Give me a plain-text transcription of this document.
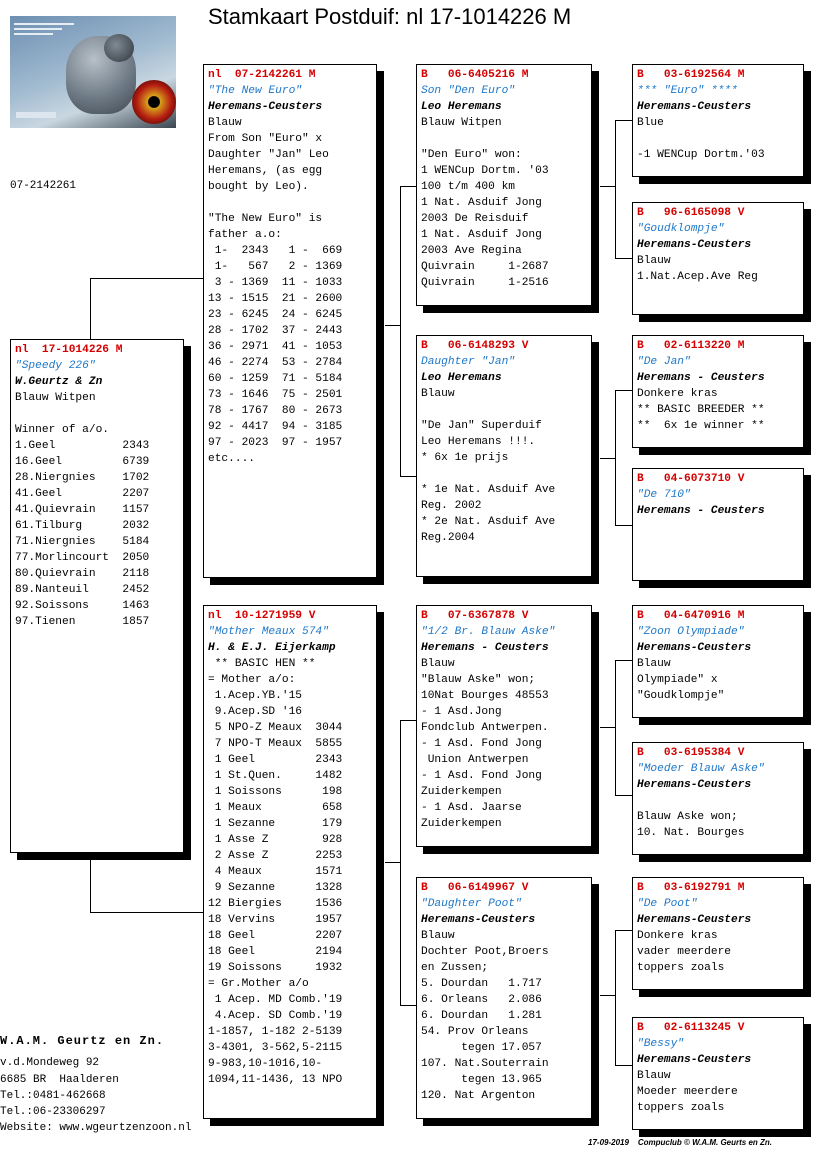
Stamkaart Postduif: nl 17-1014226 M
07-2142261
nl  17-1014226 M
"Speedy 226"
W.Geurtz & Zn
Blauw Witpen
Winner of a/o.
1.Geel          2343
16.Geel         6739
28.Niergnies    1702
41.Geel         2207
41.Quievrain    1157
61.Tilburg      2032
71.Niergnies    5184
77.Morlincourt  2050
80.Quievrain    2118
89.Nanteuil     2452
92.Soissons     1463
97.Tienen       1857
nl  07-2142261 M
"The New Euro"
Heremans-Ceusters
Blauw
From Son "Euro" x
Daughter "Jan" Leo
Heremans, (as egg
bought by Leo).
"The New Euro" is
father a.o:
1-  2343   1 -  669
1-   567   2 - 1369
3 - 1369  11 - 1033
13 - 1515  21 - 2600
23 - 6245  24 - 6245
28 - 1702  37 - 2443
36 - 2971  41 - 1053
46 - 2274  53 - 2784
60 - 1259  71 - 5184
73 - 1646  75 - 2501
78 - 1767  80 - 2673
92 - 4417  94 - 3185
97 - 2023  97 - 1957
etc....
nl  10-1271959 V
"Mother Meaux 574"
H. & E.J. Eijerkamp
** BASIC HEN **
= Mother a/o:
1.Acep.YB.'15
9.Acep.SD '16
5 NPO-Z Meaux  3044
7 NPO-T Meaux  5855
1 Geel         2343
1 St.Quen.     1482
1 Soissons      198
1 Meaux         658
1 Sezanne       179
1 Asse Z        928
2 Asse Z       2253
4 Meaux        1571
9 Sezanne      1328
12 Biergies     1536
18 Vervins      1957
18 Geel         2207
18 Geel         2194
19 Soissons     1932
= Gr.Mother a/o
1 Acep. MD Comb.'19
4.Acep. SD Comb.'19
1-1857, 1-182 2-5139
3-4301, 3-562,5-2115
9-983,10-1016,10-
1094,11-1436, 13 NPO
B   06-6405216 M
Son "Den Euro"
Leo Heremans
Blauw Witpen
"Den Euro" won:
1 WENCup Dortm. '03
100 t/m 400 km
1 Nat. Asduif Jong
2003 De Reisduif
1 Nat. Asduif Jong
2003 Ave Regina
Quivrain     1-2687
Quivrain     1-2516
B   06-6148293 V
Daughter "Jan"
Leo Heremans
Blauw
"De Jan" Superduif
Leo Heremans !!!.
* 6x 1e prijs
* 1e Nat. Asduif Ave
Reg. 2002
* 2e Nat. Asduif Ave
Reg.2004
B   07-6367878 V
"1/2 Br. Blauw Aske"
Heremans - Ceusters
Blauw
"Blauw Aske" won;
10Nat Bourges 48553
- 1 Asd.Jong
Fondclub Antwerpen.
- 1 Asd. Fond Jong
Union Antwerpen
- 1 Asd. Fond Jong
Zuiderkempen
- 1 Asd. Jaarse
Zuiderkempen
B   06-6149967 V
"Daughter Poot"
Heremans-Ceusters
Blauw
Dochter Poot,Broers
en Zussen;
5. Dourdan   1.717
6. Orleans   2.086
6. Dourdan   1.281
54. Prov Orleans
tegen 17.057
107. Nat.Souterrain
tegen 13.965
120. Nat Argenton
B   03-6192564 M
*** "Euro" ****
Heremans-Ceusters
Blue
-1 WENCup Dortm.'03
B   96-6165098 V
"Goudklompje"
Heremans-Ceusters
Blauw
1.Nat.Acep.Ave Reg
B   02-6113220 M
"De Jan"
Heremans - Ceusters
Donkere kras
** BASIC BREEDER **
**  6x 1e winner **
B   04-6073710 V
"De 710"
Heremans - Ceusters
B   04-6470916 M
"Zoon Olympiade"
Heremans-Ceusters
Blauw
Olympiade" x
"Goudklompje"
B   03-6195384 V
"Moeder Blauw Aske"
Heremans-Ceusters
Blauw Aske won;
10. Nat. Bourges
B   03-6192791 M
"De Poot"
Heremans-Ceusters
Donkere kras
vader meerdere
toppers zoals
B   02-6113245 V
"Bessy"
Heremans-Ceusters
Blauw
Moeder meerdere
toppers zoals
W.A.M. Geurtz en Zn.
v.d.Mondeweg 92
6685 BR  Haalderen
Tel.:0481-462668
Tel.:06-23306297
Website: www.wgeurtzenzoon.nl
17-09-2019    Compuclub © W.A.M. Geurts en Zn.
